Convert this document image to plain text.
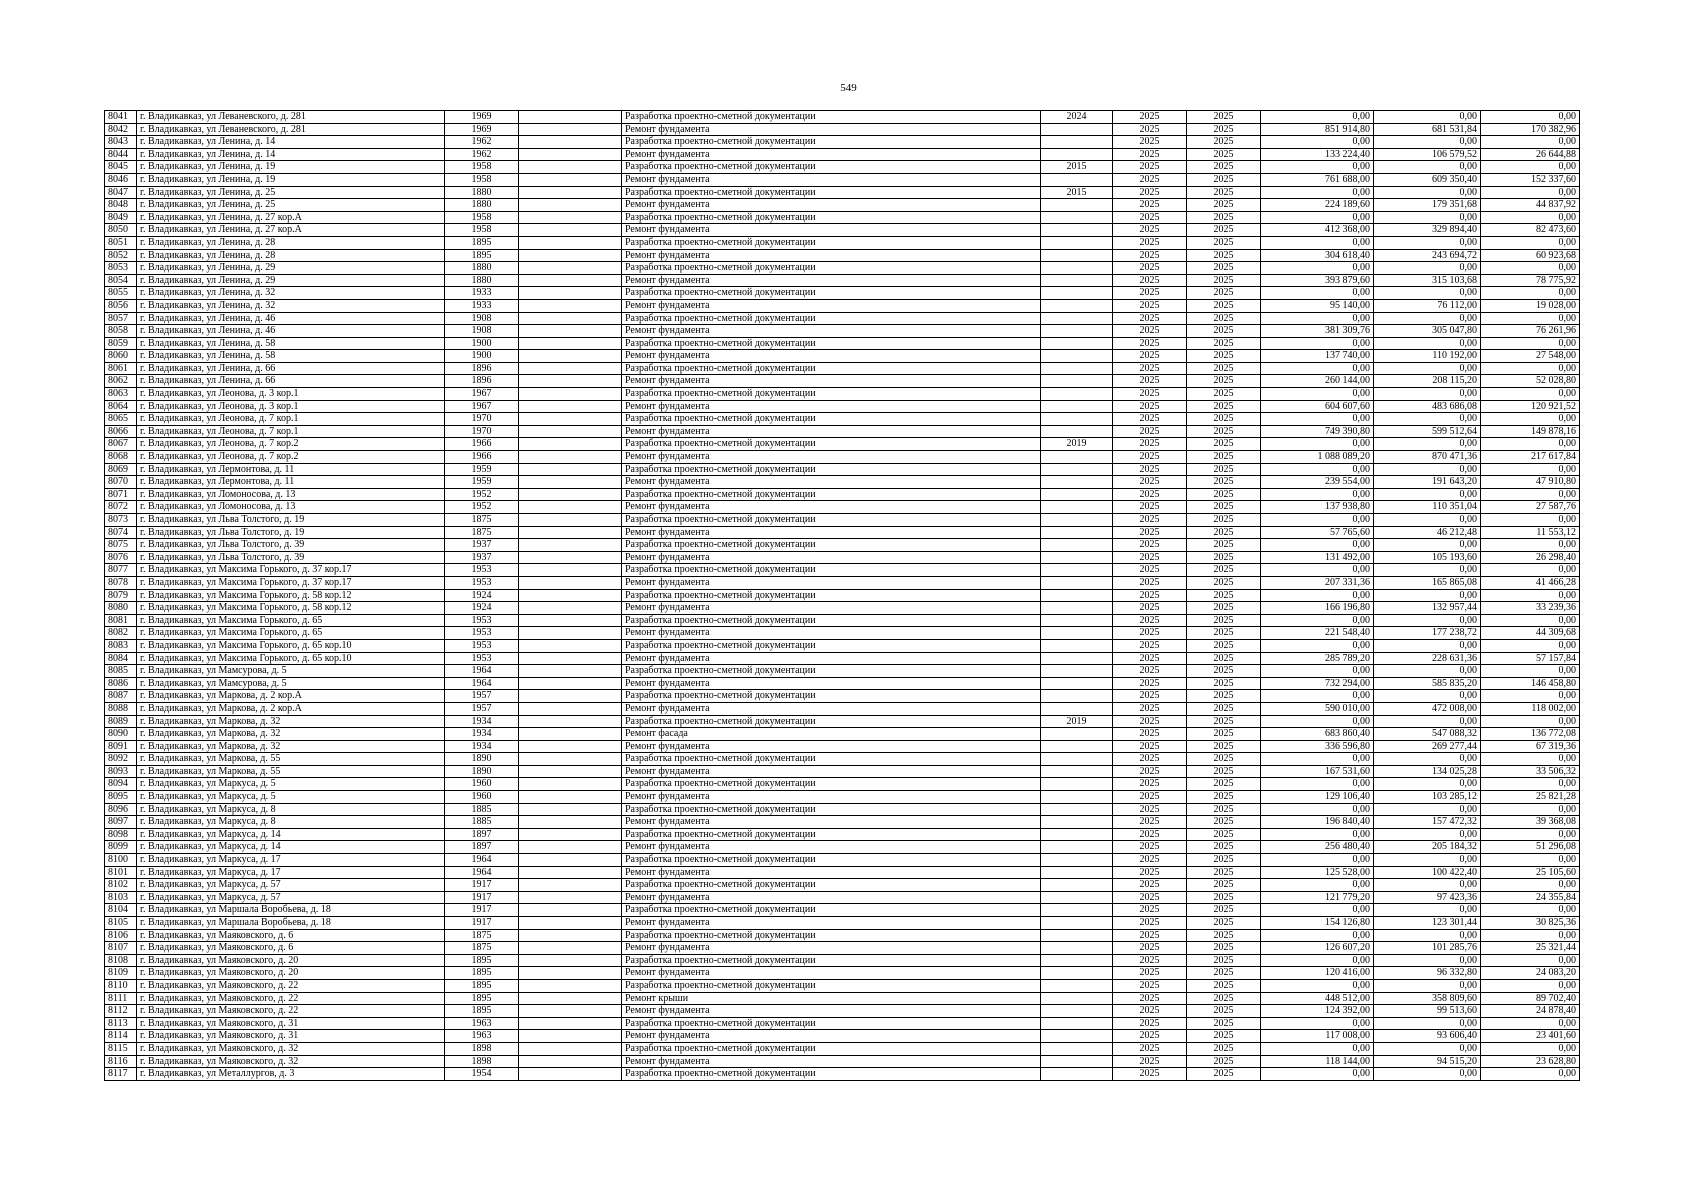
549
8041	г. Владикавказ, ул Леваневского, д. 281	1969		Разработка проектно-сметной документации	2024	2025	2025	0,00	0,00	0,00
8042	г. Владикавказ, ул Леваневского, д. 281	1969		Ремонт фундамента		2025	2025	851 914,80	681 531,84	170 382,96
8043	г. Владикавказ, ул Ленина, д. 14	1962		Разработка проектно-сметной документации		2025	2025	0,00	0,00	0,00
8044	г. Владикавказ, ул Ленина, д. 14	1962		Ремонт фундамента		2025	2025	133 224,40	106 579,52	26 644,88
8045	г. Владикавказ, ул Ленина, д. 19	1958		Разработка проектно-сметной документации	2015	2025	2025	0,00	0,00	0,00
8046	г. Владикавказ, ул Ленина, д. 19	1958		Ремонт фундамента		2025	2025	761 688,00	609 350,40	152 337,60
8047	г. Владикавказ, ул Ленина, д. 25	1880		Разработка проектно-сметной документации	2015	2025	2025	0,00	0,00	0,00
8048	г. Владикавказ, ул Ленина, д. 25	1880		Ремонт фундамента		2025	2025	224 189,60	179 351,68	44 837,92
8049	г. Владикавказ, ул Ленина, д. 27 кор.А	1958		Разработка проектно-сметной документации		2025	2025	0,00	0,00	0,00
8050	г. Владикавказ, ул Ленина, д. 27 кор.А	1958		Ремонт фундамента		2025	2025	412 368,00	329 894,40	82 473,60
8051	г. Владикавказ, ул Ленина, д. 28	1895		Разработка проектно-сметной документации		2025	2025	0,00	0,00	0,00
8052	г. Владикавказ, ул Ленина, д. 28	1895		Ремонт фундамента		2025	2025	304 618,40	243 694,72	60 923,68
8053	г. Владикавказ, ул Ленина, д. 29	1880		Разработка проектно-сметной документации		2025	2025	0,00	0,00	0,00
8054	г. Владикавказ, ул Ленина, д. 29	1880		Ремонт фундамента		2025	2025	393 879,60	315 103,68	78 775,92
8055	г. Владикавказ, ул Ленина, д. 32	1933		Разработка проектно-сметной документации		2025	2025	0,00	0,00	0,00
8056	г. Владикавказ, ул Ленина, д. 32	1933		Ремонт фундамента		2025	2025	95 140,00	76 112,00	19 028,00
8057	г. Владикавказ, ул Ленина, д. 46	1908		Разработка проектно-сметной документации		2025	2025	0,00	0,00	0,00
8058	г. Владикавказ, ул Ленина, д. 46	1908		Ремонт фундамента		2025	2025	381 309,76	305 047,80	76 261,96
8059	г. Владикавказ, ул Ленина, д. 58	1900		Разработка проектно-сметной документации		2025	2025	0,00	0,00	0,00
8060	г. Владикавказ, ул Ленина, д. 58	1900		Ремонт фундамента		2025	2025	137 740,00	110 192,00	27 548,00
8061	г. Владикавказ, ул Ленина, д. 66	1896		Разработка проектно-сметной документации		2025	2025	0,00	0,00	0,00
8062	г. Владикавказ, ул Ленина, д. 66	1896		Ремонт фундамента		2025	2025	260 144,00	208 115,20	52 028,80
8063	г. Владикавказ, ул Леонова, д. 3 кор.1	1967		Разработка проектно-сметной документации		2025	2025	0,00	0,00	0,00
8064	г. Владикавказ, ул Леонова, д. 3 кор.1	1967		Ремонт фундамента		2025	2025	604 607,60	483 686,08	120 921,52
8065	г. Владикавказ, ул Леонова, д. 7 кор.1	1970		Разработка проектно-сметной документации		2025	2025	0,00	0,00	0,00
8066	г. Владикавказ, ул Леонова, д. 7 кор.1	1970		Ремонт фундамента		2025	2025	749 390,80	599 512,64	149 878,16
8067	г. Владикавказ, ул Леонова, д. 7 кор.2	1966		Разработка проектно-сметной документации	2019	2025	2025	0,00	0,00	0,00
8068	г. Владикавказ, ул Леонова, д. 7 кор.2	1966		Ремонт фундамента		2025	2025	1 088 089,20	870 471,36	217 617,84
8069	г. Владикавказ, ул Лермонтова, д. 11	1959		Разработка проектно-сметной документации		2025	2025	0,00	0,00	0,00
8070	г. Владикавказ, ул Лермонтова, д. 11	1959		Ремонт фундамента		2025	2025	239 554,00	191 643,20	47 910,80
8071	г. Владикавказ, ул Ломоносова, д. 13	1952		Разработка проектно-сметной документации		2025	2025	0,00	0,00	0,00
8072	г. Владикавказ, ул Ломоносова, д. 13	1952		Ремонт фундамента		2025	2025	137 938,80	110 351,04	27 587,76
8073	г. Владикавказ, ул Льва Толстого, д. 19	1875		Разработка проектно-сметной документации		2025	2025	0,00	0,00	0,00
8074	г. Владикавказ, ул Льва Толстого, д. 19	1875		Ремонт фундамента		2025	2025	57 765,60	46 212,48	11 553,12
8075	г. Владикавказ, ул Льва Толстого, д. 39	1937		Разработка проектно-сметной документации		2025	2025	0,00	0,00	0,00
8076	г. Владикавказ, ул Льва Толстого, д. 39	1937		Ремонт фундамента		2025	2025	131 492,00	105 193,60	26 298,40
8077	г. Владикавказ, ул Максима Горького, д. 37 кор.17	1953		Разработка проектно-сметной документации		2025	2025	0,00	0,00	0,00
8078	г. Владикавказ, ул Максима Горького, д. 37 кор.17	1953		Ремонт фундамента		2025	2025	207 331,36	165 865,08	41 466,28
8079	г. Владикавказ, ул Максима Горького, д. 58 кор.12	1924		Разработка проектно-сметной документации		2025	2025	0,00	0,00	0,00
8080	г. Владикавказ, ул Максима Горького, д. 58 кор.12	1924		Ремонт фундамента		2025	2025	166 196,80	132 957,44	33 239,36
8081	г. Владикавказ, ул Максима Горького, д. 65	1953		Разработка проектно-сметной документации		2025	2025	0,00	0,00	0,00
8082	г. Владикавказ, ул Максима Горького, д. 65	1953		Ремонт фундамента		2025	2025	221 548,40	177 238,72	44 309,68
8083	г. Владикавказ, ул Максима Горького, д. 65 кор.10	1953		Разработка проектно-сметной документации		2025	2025	0,00	0,00	0,00
8084	г. Владикавказ, ул Максима Горького, д. 65 кор.10	1953		Ремонт фундамента		2025	2025	285 789,20	228 631,36	57 157,84
8085	г. Владикавказ, ул Мамсурова, д. 5	1964		Разработка проектно-сметной документации		2025	2025	0,00	0,00	0,00
8086	г. Владикавказ, ул Мамсурова, д. 5	1964		Ремонт фундамента		2025	2025	732 294,00	585 835,20	146 458,80
8087	г. Владикавказ, ул Маркова, д. 2 кор.А	1957		Разработка проектно-сметной документации		2025	2025	0,00	0,00	0,00
8088	г. Владикавказ, ул Маркова, д. 2 кор.А	1957		Ремонт фундамента		2025	2025	590 010,00	472 008,00	118 002,00
8089	г. Владикавказ, ул Маркова, д. 32	1934		Разработка проектно-сметной документации	2019	2025	2025	0,00	0,00	0,00
8090	г. Владикавказ, ул Маркова, д. 32	1934		Ремонт фасада		2025	2025	683 860,40	547 088,32	136 772,08
8091	г. Владикавказ, ул Маркова, д. 32	1934		Ремонт фундамента		2025	2025	336 596,80	269 277,44	67 319,36
8092	г. Владикавказ, ул Маркова, д. 55	1890		Разработка проектно-сметной документации		2025	2025	0,00	0,00	0,00
8093	г. Владикавказ, ул Маркова, д. 55	1890		Ремонт фундамента		2025	2025	167 531,60	134 025,28	33 506,32
8094	г. Владикавказ, ул Маркуса, д. 5	1960		Разработка проектно-сметной документации		2025	2025	0,00	0,00	0,00
8095	г. Владикавказ, ул Маркуса, д. 5	1960		Ремонт фундамента		2025	2025	129 106,40	103 285,12	25 821,28
8096	г. Владикавказ, ул Маркуса, д. 8	1885		Разработка проектно-сметной документации		2025	2025	0,00	0,00	0,00
8097	г. Владикавказ, ул Маркуса, д. 8	1885		Ремонт фундамента		2025	2025	196 840,40	157 472,32	39 368,08
8098	г. Владикавказ, ул Маркуса, д. 14	1897		Разработка проектно-сметной документации		2025	2025	0,00	0,00	0,00
8099	г. Владикавказ, ул Маркуса, д. 14	1897		Ремонт фундамента		2025	2025	256 480,40	205 184,32	51 296,08
8100	г. Владикавказ, ул Маркуса, д. 17	1964		Разработка проектно-сметной документации		2025	2025	0,00	0,00	0,00
8101	г. Владикавказ, ул Маркуса, д. 17	1964		Ремонт фундамента		2025	2025	125 528,00	100 422,40	25 105,60
8102	г. Владикавказ, ул Маркуса, д. 57	1917		Разработка проектно-сметной документации		2025	2025	0,00	0,00	0,00
8103	г. Владикавказ, ул Маркуса, д. 57	1917		Ремонт фундамента		2025	2025	121 779,20	97 423,36	24 355,84
8104	г. Владикавказ, ул Маршала Воробьева, д. 18	1917		Разработка проектно-сметной документации		2025	2025	0,00	0,00	0,00
8105	г. Владикавказ, ул Маршала Воробьева, д. 18	1917		Ремонт фундамента		2025	2025	154 126,80	123 301,44	30 825,36
8106	г. Владикавказ, ул Маяковского, д. 6	1875		Разработка проектно-сметной документации		2025	2025	0,00	0,00	0,00
8107	г. Владикавказ, ул Маяковского, д. 6	1875		Ремонт фундамента		2025	2025	126 607,20	101 285,76	25 321,44
8108	г. Владикавказ, ул Маяковского, д. 20	1895		Разработка проектно-сметной документации		2025	2025	0,00	0,00	0,00
8109	г. Владикавказ, ул Маяковского, д. 20	1895		Ремонт фундамента		2025	2025	120 416,00	96 332,80	24 083,20
8110	г. Владикавказ, ул Маяковского, д. 22	1895		Разработка проектно-сметной документации		2025	2025	0,00	0,00	0,00
8111	г. Владикавказ, ул Маяковского, д. 22	1895		Ремонт крыши		2025	2025	448 512,00	358 809,60	89 702,40
8112	г. Владикавказ, ул Маяковского, д. 22	1895		Ремонт фундамента		2025	2025	124 392,00	99 513,60	24 878,40
8113	г. Владикавказ, ул Маяковского, д. 31	1963		Разработка проектно-сметной документации		2025	2025	0,00	0,00	0,00
8114	г. Владикавказ, ул Маяковского, д. 31	1963		Ремонт фундамента		2025	2025	117 008,00	93 606,40	23 401,60
8115	г. Владикавказ, ул Маяковского, д. 32	1898		Разработка проектно-сметной документации		2025	2025	0,00	0,00	0,00
8116	г. Владикавказ, ул Маяковского, д. 32	1898		Ремонт фундамента		2025	2025	118 144,00	94 515,20	23 628,80
8117	г. Владикавказ, ул Металлургов, д. 3	1954		Разработка проектно-сметной документации		2025	2025	0,00	0,00	0,00
